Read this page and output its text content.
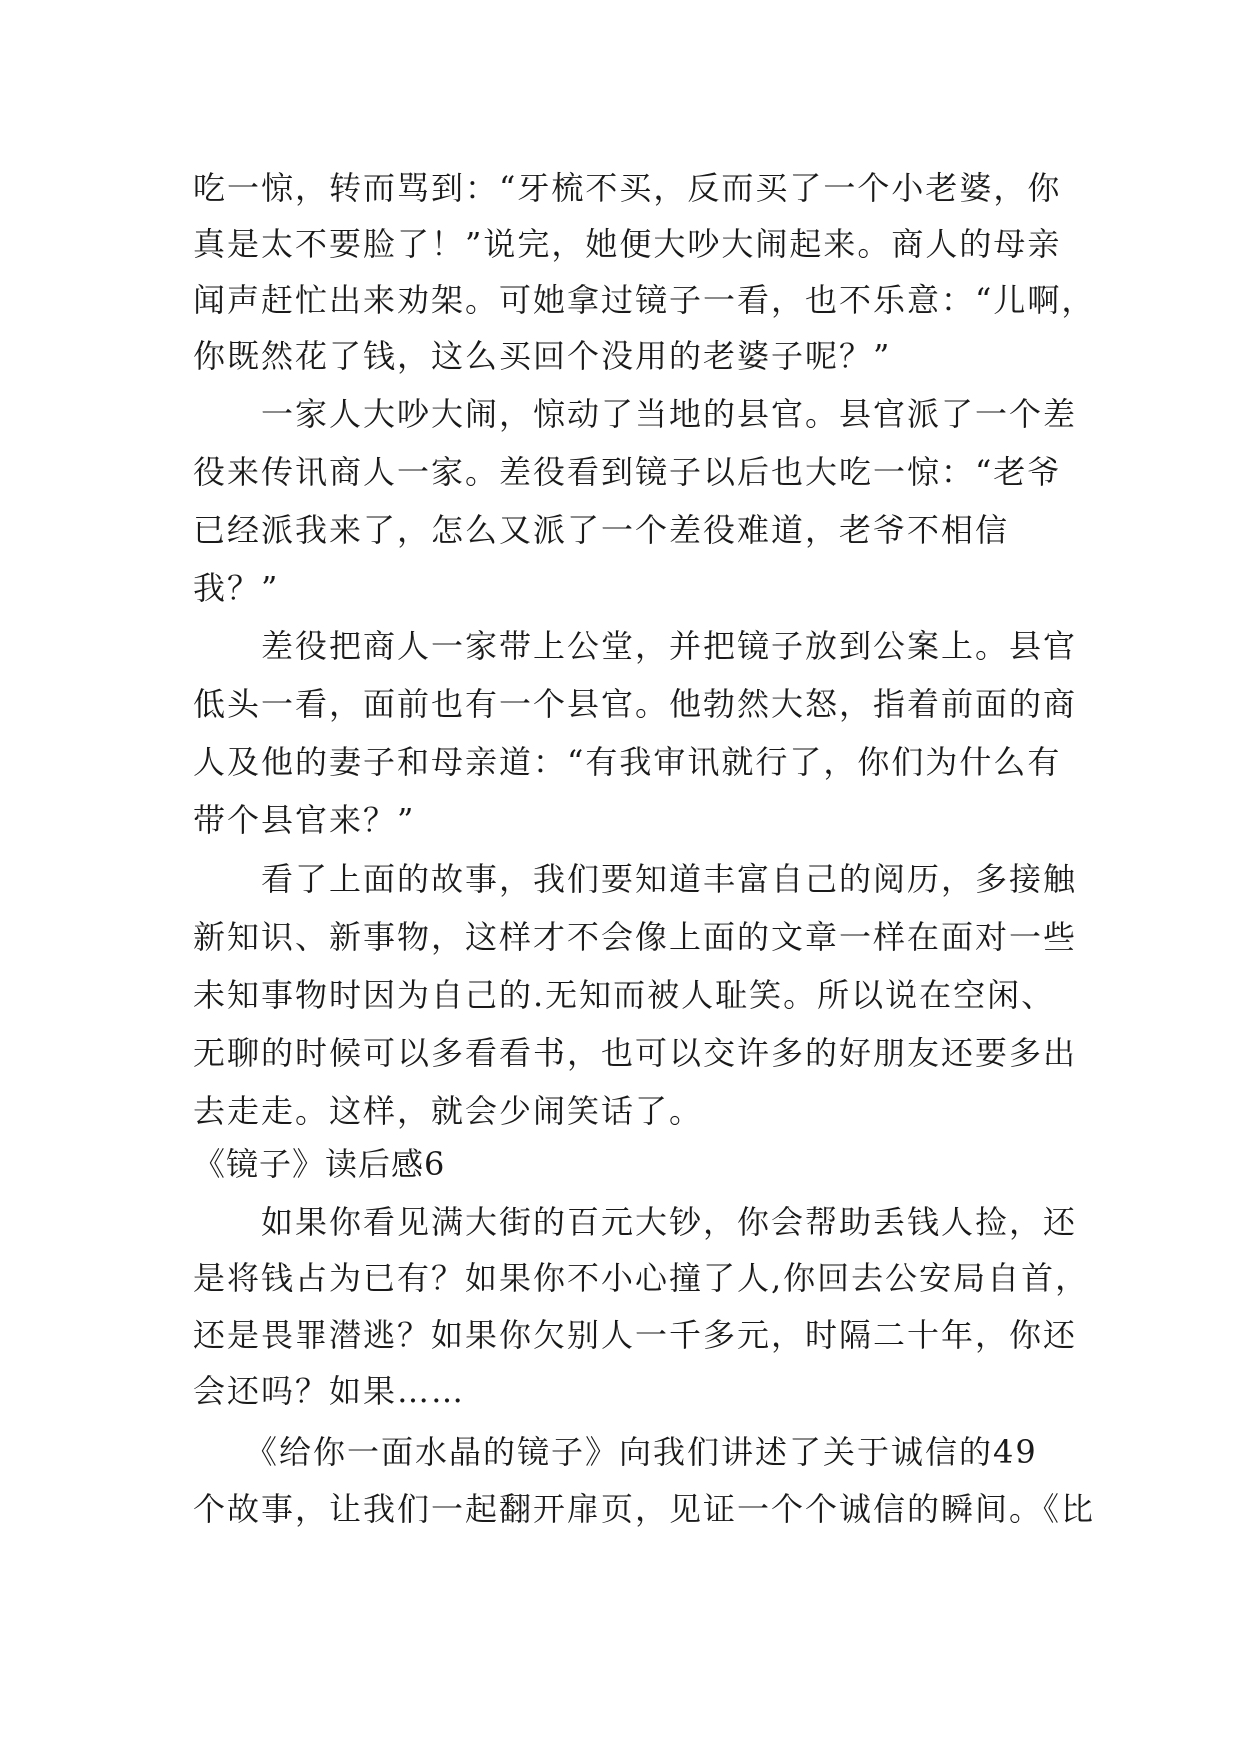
吃一惊，转而骂到：“牙梳不买，反而买了一个小老婆，你
真是太不要脸了！”说完，她便大吵大闹起来。商人的母亲
闻声赶忙出来劝架。可她拿过镜子一看，也不乐意：“儿啊，
你既然花了钱，这么买回个没用的老婆子呢？”
　　一家人大吵大闹，惊动了当地的县官。县官派了一个差
役来传讯商人一家。差役看到镜子以后也大吃一惊：“老爷
已经派我来了，怎么又派了一个差役难道，老爷不相信
我？”
　　差役把商人一家带上公堂，并把镜子放到公案上。县官
低头一看，面前也有一个县官。他勃然大怒，指着前面的商
人及他的妻子和母亲道：“有我审讯就行了，你们为什么有
带个县官来？”
　　看了上面的故事，我们要知道丰富自己的阅历，多接触
新知识、新事物，这样才不会像上面的文章一样在面对一些
未知事物时因为自己的.无知而被人耻笑。所以说在空闲、
无聊的时候可以多看看书，也可以交许多的好朋友还要多出
去走走。这样，就会少闹笑话了。
《镜子》读后感6
　　如果你看见满大街的百元大钞，你会帮助丢钱人捡，还
是将钱占为已有？如果你不小心撞了人,你回去公安局自首，
还是畏罪潜逃？如果你欠别人一千多元，时隔二十年，你还
会还吗？如果……
　　《给你一面水晶的镜子》向我们讲述了关于诚信的49
个故事，让我们一起翻开扉页，见证一个个诚信的瞬间。《比
